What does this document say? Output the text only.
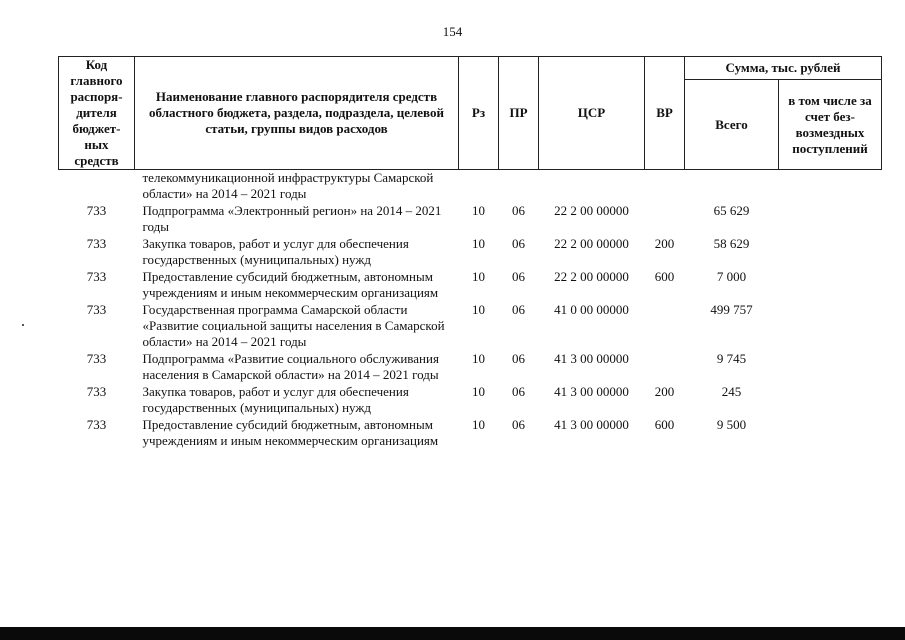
154
Код главного распоря-дителя бюджет-ных средств	Наименование главного распорядителя средств областного бюджета, раздела, подраздела, целевой статьи, группы видов расходов	Рз	ПР	ЦСР	ВР	Сумма, тыс. рублей	
						Всего	в том числе за счет без-возмездных поступлений
	телекоммуникационной инфраструктуры Самарской области» на 2014 – 2021 годы						
733	Подпрограмма «Электронный регион» на 2014 – 2021 годы	10	06	22 2 00 00000		65 629	
733	Закупка товаров, работ и услуг для обеспечения государственных (муниципальных) нужд	10	06	22 2 00 00000	200	58 629	
733	Предоставление субсидий бюджетным, автономным учреждениям и иным некоммерческим организациям	10	06	22 2 00 00000	600	7 000	
733	Государственная программа Самарской области «Развитие социальной защиты населения в Самарской области» на 2014 – 2021 годы	10	06	41 0 00 00000		499 757	
733	Подпрограмма «Развитие социального обслуживания населения в Самарской области» на 2014 – 2021 годы	10	06	41 3 00 00000		9 745	
733	Закупка товаров, работ и услуг для обеспечения государственных (муниципальных) нужд	10	06	41 3 00 00000	200	245	
733	Предоставление субсидий бюджетным, автономным учреждениям и иным некоммерческим организациям	10	06	41 3 00 00000	600	9 500	
